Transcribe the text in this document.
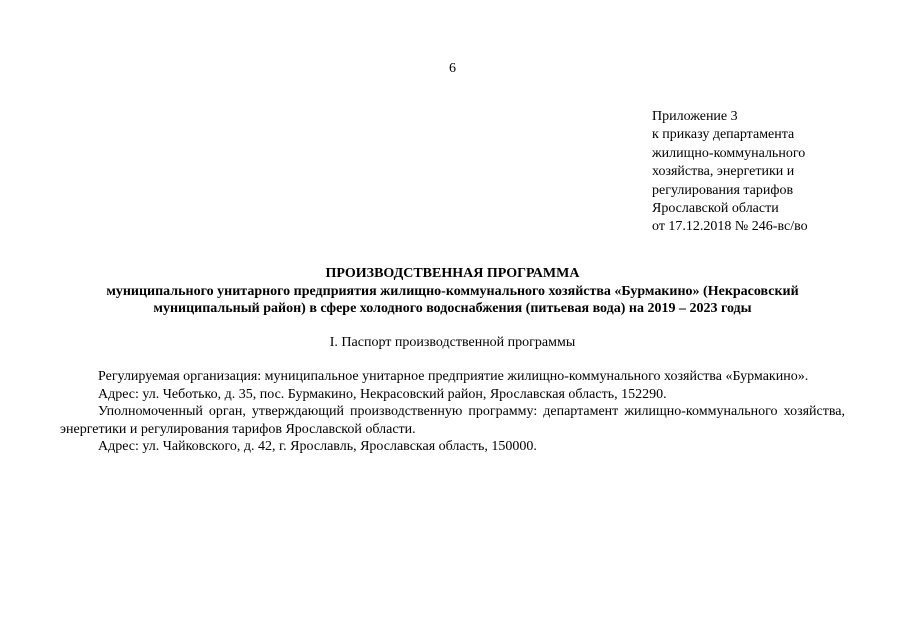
6

Приложение 3
к приказу департамента
жилищно-коммунального
хозяйства, энергетики и
регулирования тарифов
Ярославской области
от 17.12.2018 № 246-вс/во
ПРОИЗВОДСТВЕННАЯ ПРОГРАММА
муниципального унитарного предприятия жилищно-коммунального хозяйства «Бурмакино» (Некрасовский
муниципальный район) в сфере холодного водоснабжения (питьевая вода) на 2019 – 2023 годы

I. Паспорт производственной программы

Регулируемая организация: муниципальное унитарное предприятие жилищно-коммунального хозяйства «Бурмакино».

Адрес: ул. Чеботько, д. 35, пос. Бурмакино, Некрасовский район, Ярославская область, 152290.

Уполномоченный орган, утверждающий производственную программу: департамент жилищно-коммунального хозяйства, энергетики и регулирования тарифов Ярославской области.

Адрес: ул. Чайковского, д. 42, г. Ярославль, Ярославская область, 150000.
